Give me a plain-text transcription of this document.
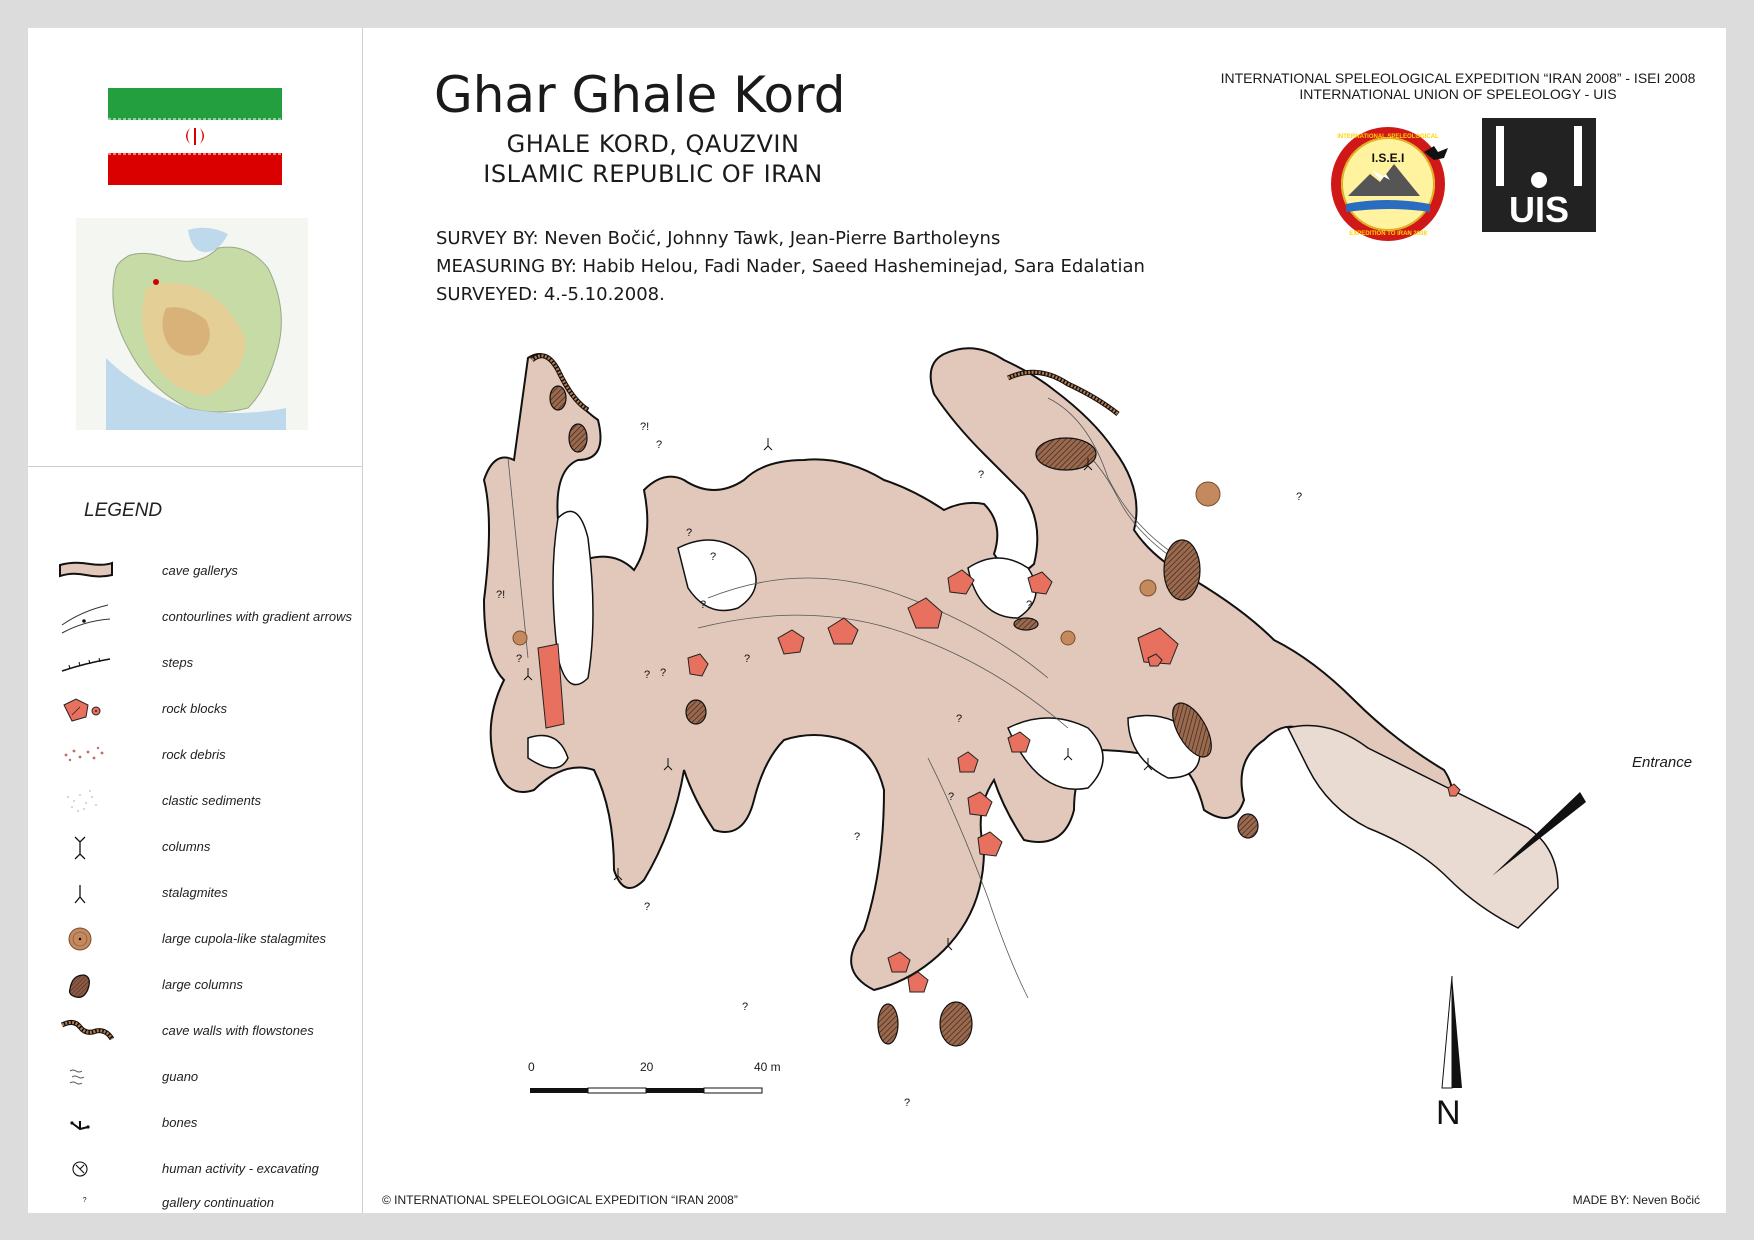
LEGEND
cave gallerys
contourlines with gradient arrows
steps
rock blocks
rock debris
clastic sediments
columns
stalagmites
large cupola-like stalagmites
large columns
cave walls with flowstones
guano
bones
human activity - excavating
?	gallery continuation
Ghar Ghale Kord
GHALE KORD, QAUZVIN
ISLAMIC REPUBLIC OF IRAN
SURVEY BY: Neven Bočić, Johnny Tawk, Jean-Pierre Bartholeyns
MEASURING BY: Habib Helou, Fadi Nader, Saeed Hasheminejad, Sara Edalatian
SURVEYED: 4.-5.10.2008.
INTERNATIONAL SPELEOLOGICAL EXPEDITION “IRAN 2008” - ISEI 2008
INTERNATIONAL UNION OF SPELEOLOGY - UIS
I.S.E.I
INTERNATIONAL SPELEOLOGICAL
EXPEDITION TO IRAN 2008
UIS
?!
?
?
?
?
?!
?
? ?
?
?
?
?
?
?
?
?
?
?
Entrance
0	20	40 m
N
© INTERNATIONAL SPELEOLOGICAL EXPEDITION “IRAN 2008”	MADE BY: Neven Bočić
